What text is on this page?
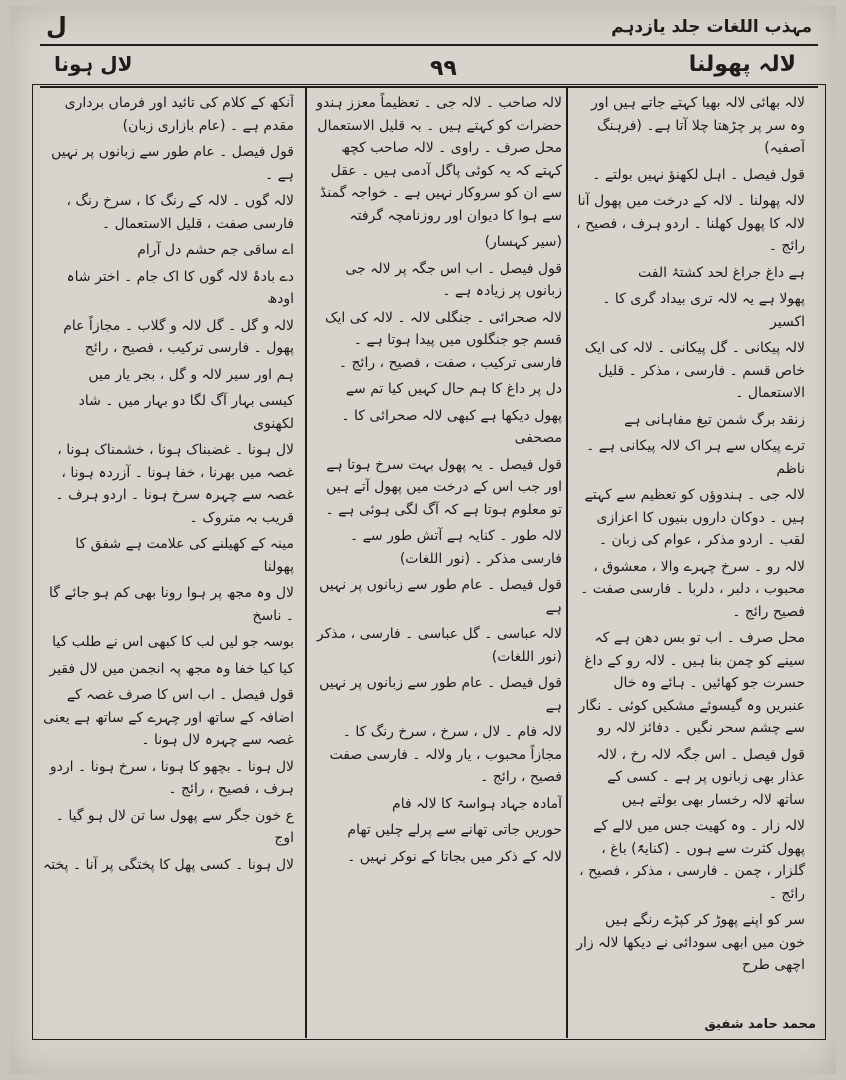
مہذب اللغات جلد یازدہم
ل
لالہ پھولنا
۹۹
لال ہونا

لالہ بھائی لالہ بھیا کہتے جاتے ہیں اور وہ سر پر چڑھتا چلا آتا ہے۔ (فرہنگ آصفیہ)

قول فیصل ۔ اہل لکھنؤ نہیں بولتے ۔

لالہ پھولنا ۔ لالہ کے درخت میں پھول آنا لالہ کا پھول کھلنا ۔ اردو ہرف ، فصیح ، رائج ۔

ہے داغ جراغ لحد کشتۂ الفت

پھولا ہے یہ لالہ تری بیداد گری کا ۔ اکسیر

لالہ پیکانی ۔ گل پیکانی ۔ لالہ کی ایک خاص قسم ۔ فارسی ، مذکر ۔ قلیل الاستعمال ۔

زنقد برگ شمن تیغ مفاہانی ہے

ترے پیکاں سے ہر اک لالہ پیکانی ہے ۔ ناظم

لالہ جی ۔ ہندوؤں کو تعظیم سے کہتے ہیں ۔ دوکان داروں بنیوں کا اعزازی لقب ۔ اردو مذکر ، عوام کی زبان ۔

لالہ رو ۔ سرخ چہرے والا ، معشوق ، محبوب ، دلبر ، دلربا ۔ فارسی صفت ۔ فصیح رائج ۔

محل صرف ۔ اب تو بس دھن ہے کہ سینے کو چمن بنا ہیں ۔ لالہ رو کے داغ حسرت جو کھائیں ۔ ہائے وہ خال عنبریں وہ گیسوئے مشکیں کوئی ۔ نگار سے چشم سحر نگیں ۔ دفائز لالہ رو

قول فیصل ۔ اس جگہ لالہ رخ ، لالہ عذار بھی زبانوں پر ہے ۔ کسی کے ساتھ لالہ رخسار بھی بولتے ہیں

لالہ زار ۔ وہ کھیت جس میں لالے کے پھول کثرت سے ہوں ۔ (کنایۃً) باغ ، گلزار ، چمن ۔ فارسی ، مذکر ، فصیح ، رائج ۔

سر کو اپنے پھوڑ کر کپڑے رنگے ہیں خون میں ابھی سودائی نے دیکھا لالہ زار اچھی طرح

لالہ صاحب ۔ لالہ جی ۔ تعظیماً معزز ہندو حضرات کو کہتے ہیں ۔ بہ قلیل الاستعمال محل صرف ۔ راوی ۔ لالہ صاحب کچھ کہتے کہ یہ کوئی پاگل آدمی ہیں ۔ عقل سے ان کو سروکار نہیں ہے ۔ خواجہ گمنڈ سے ہوا کا دیوان اور روزنامچہ گرفتہ

(سیر کہسار)

قول فیصل ۔ اب اس جگہ پر لالہ جی زبانوں پر زیادہ ہے ۔

لالہ صحرائی ۔ جنگلی لالہ ۔ لالہ کی ایک قسم جو جنگلوں میں پیدا ہوتا ہے ۔ فارسی ترکیب ، صفت ، فصیح ، رائج ۔

دل پر داغ کا ہم حال کہیں کیا تم سے

پھول دیکھا ہے کبھی لالہ صحرائی کا ۔ مصحفی

قول فیصل ۔ یہ پھول بہت سرخ ہوتا ہے اور جب اس کے درخت میں پھول آتے ہیں تو معلوم ہوتا ہے کہ آگ لگی ہوئی ہے ۔

لالہ طور ۔ کنایہ ہے آتش طور سے ۔ فارسی مذکر ۔ (نور اللغات)

قول فیصل ۔ عام طور سے زبانوں پر نہیں ہے

لالہ عباسی ۔ گل عباسی ۔ فارسی ، مذکر (نور اللغات)

قول فیصل ۔ عام طور سے زبانوں پر نہیں ہے

لالہ فام ۔ لال ، سرخ ، سرخ رنگ کا ۔ مجازاً محبوب ، یار ولالہ ۔ فارسی صفت فصیح ، رائج ۔

آمادہ جہاد ہواسۃ کا لالہ فام

حوریں جاتی تھانے سے پرلے چلیں تھام

لالہ کے ذکر میں بجاتا کے نوکر نہیں ۔

آنکھ کے کلام کی تائید اور فرماں برداری مقدم ہے ۔ (عام بازاری زبان)

قول فیصل ۔ عام طور سے زبانوں پر نہیں ہے ۔

لالہ گوں ۔ لالہ کے رنگ کا ، سرخ رنگ ، فارسی صفت ، قلیل الاستعمال ۔

اے ساقی جم حشم دل آرام

دے بادۂ لالہ گوں کا اک جام ۔ اختر شاہ اودھ

لالہ و گل ۔ گل لالہ و گلاب ۔ مجازاً عام پھول ۔ فارسی ترکیب ، فصیح ، رائج

ہم اور سیر لالہ و گل ، بجر یار میں

کیسی بہار آگ لگا دو بہار میں ۔ شاد لکھنوی

لال ہونا ۔ غضبناک ہونا ، خشمناک ہونا ، غصہ میں بھرنا ، خفا ہونا ۔ آزردہ ہونا ، غصہ سے چہرہ سرخ ہونا ۔ اردو ہرف ۔ قریب بہ متروک ۔

مینہ کے کھیلنے کی علامت ہے شفق کا پھولنا

لال وہ مجھ پر ہوا رونا بھی کم ہو جائے گا ۔ ناسخ

بوسہ جو لیں لب کا کبھی اس نے طلب کیا

کیا کیا خفا وہ مجھ پہ انجمن میں لال فقیر

قول فیصل ۔ اب اس کا صرف غصہ کے اضافہ کے ساتھ اور چہرے کے ساتھ ہے یعنی غصہ سے چہرہ لال ہونا ۔

لال ہونا ۔ بچھو کا ہونا ، سرخ ہونا ۔ اردو ہرف ، فصیح ، رائج ۔

ع خون جگر سے پھول سا تن لال ہو گیا ۔ اوج

لال ہونا ۔ کسی پھل کا پختگی پر آنا ۔ پختہ

محمد حامد شفیق
